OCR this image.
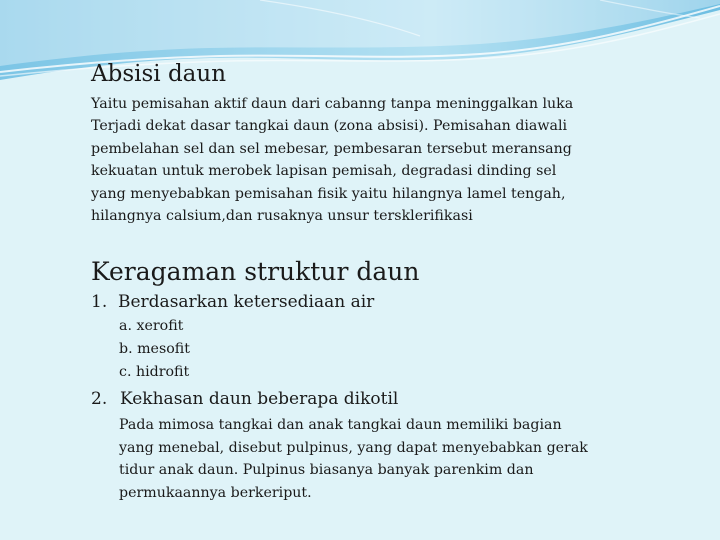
Absisi daun

Yaitu pemisahan aktif daun dari cabanng tanpa meninggalkan luka
Terjadi dekat dasar tangkai daun (zona absisi). Pemisahan diawali
pembelahan sel dan sel mebesar, pembesaran tersebut meransang
kekuatan untuk merobek lapisan pemisah, degradasi dinding sel
yang menyebabkan pemisahan fisik yaitu hilangnya lamel tengah,
hilangnya calsium,dan rusaknya unsur tersklerifikasi

Keragaman struktur daun
1. Berdasarkan ketersediaan air
a. xerofit
b. mesofit
c. hidrofit
2. Kekhasan daun beberapa dikotil

Pada mimosa tangkai dan anak tangkai daun memiliki bagian
yang menebal, disebut pulpinus, yang dapat menyebabkan gerak
tidur anak daun. Pulpinus biasanya banyak parenkim dan
permukaannya berkeriput.
